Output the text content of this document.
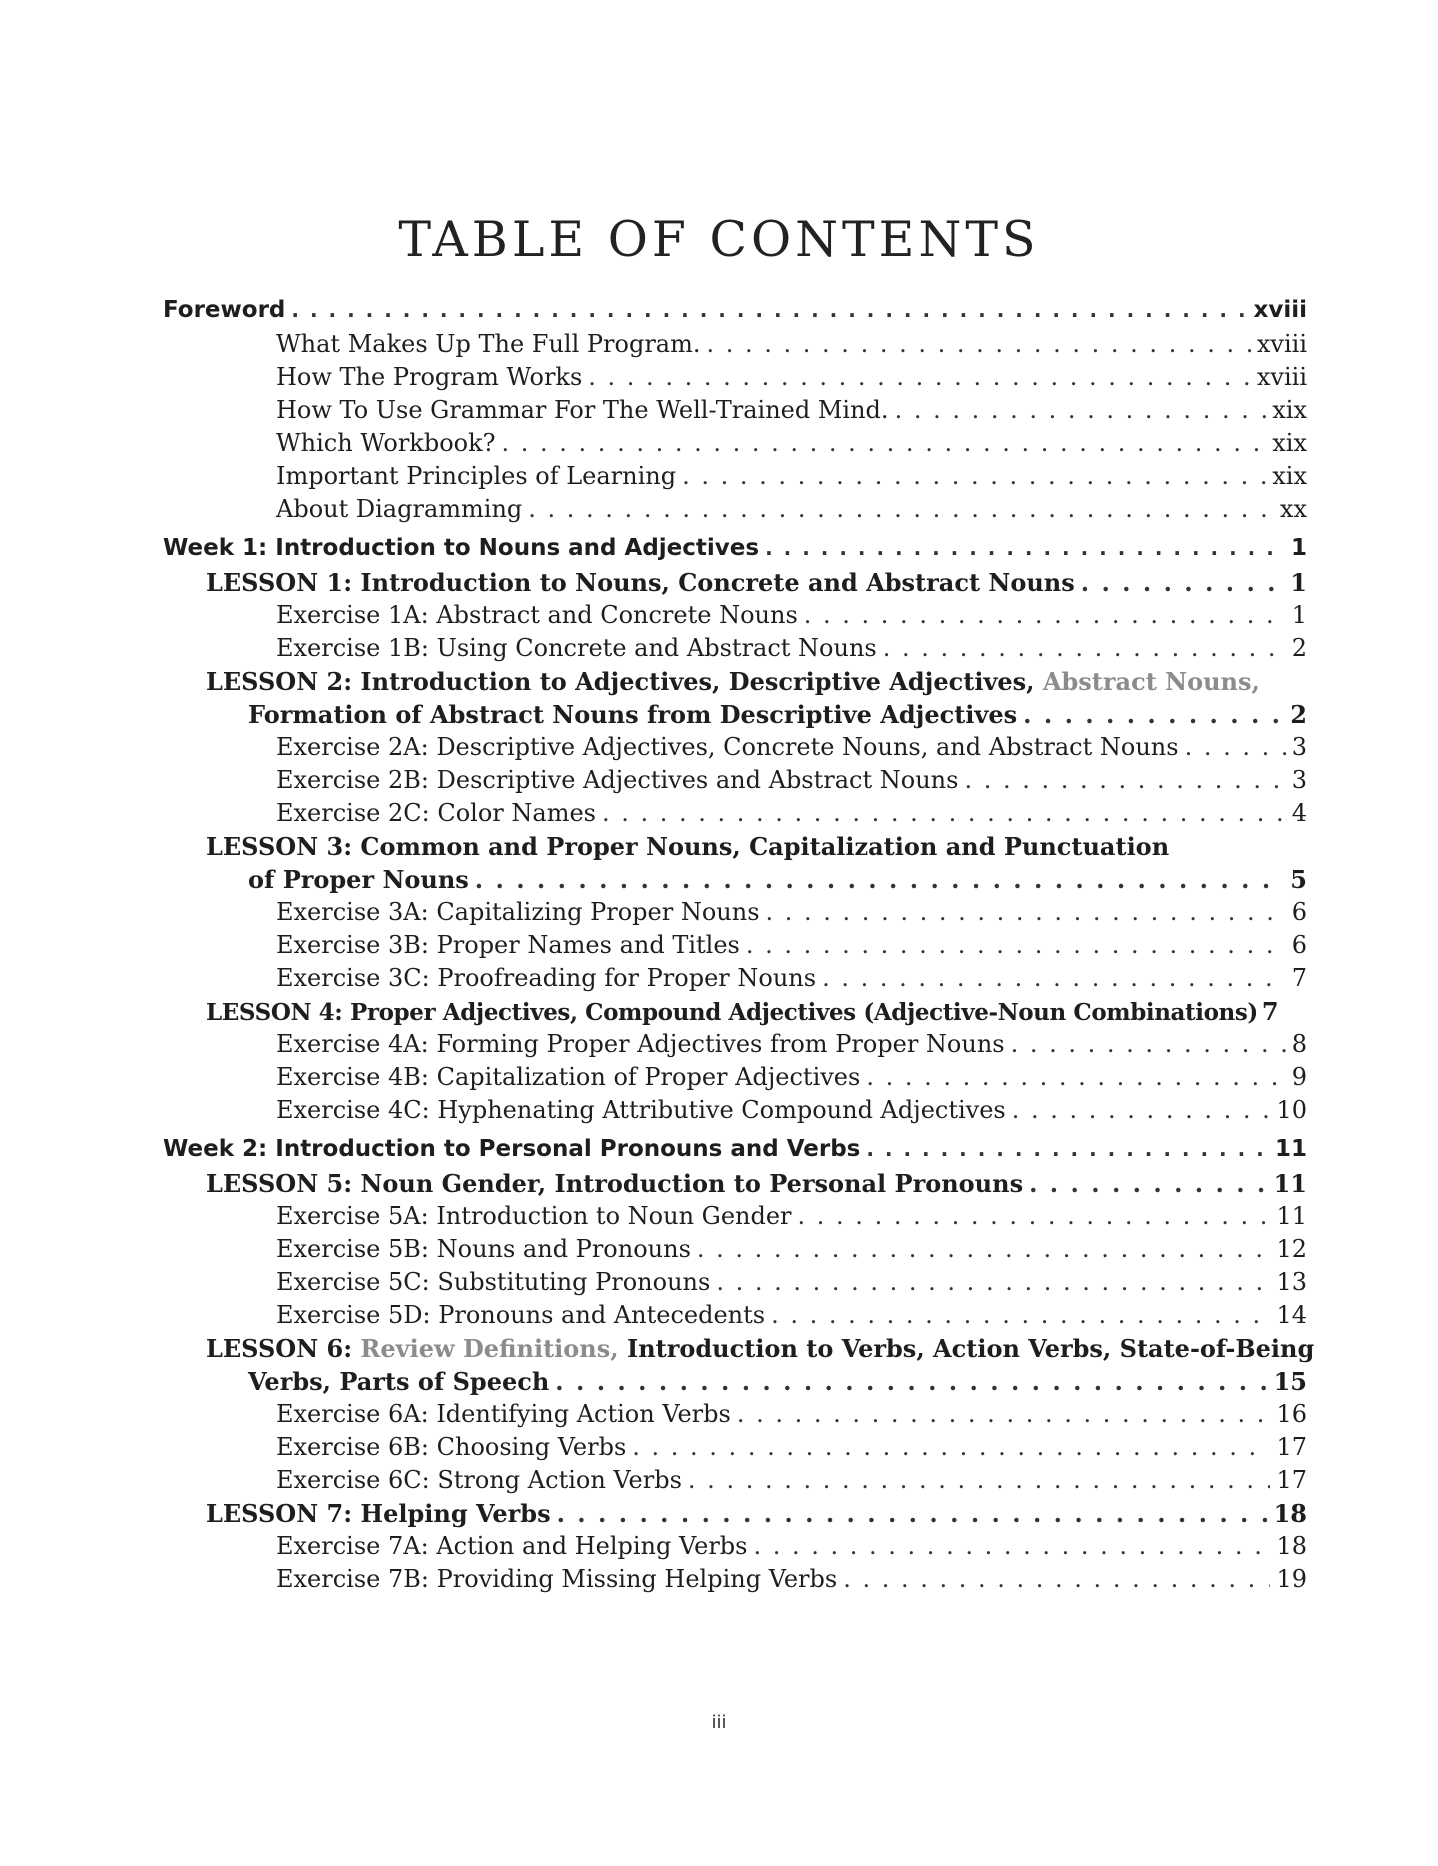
TABLE OF CONTENTS
Foreword . . .	xviii
What Makes Up The Full Program. . . .	xviii
How The Program Works . . .	xviii
How To Use Grammar For The Well-Trained Mind. . . .	xix
Which Workbook? . . .	xix
Important Principles of Learning . . .	xix
About Diagramming . . .	xx
Week 1: Introduction to Nouns and Adjectives . . .	1
LESSON 1: Introduction to Nouns, Concrete and Abstract Nouns . . .	1
Exercise 1A: Abstract and Concrete Nouns . . .	1
Exercise 1B: Using Concrete and Abstract Nouns . . .	2
LESSON 2: Introduction to Adjectives, Descriptive Adjectives, Abstract Nouns,
Formation of Abstract Nouns from Descriptive Adjectives . . .	2
Exercise 2A: Descriptive Adjectives, Concrete Nouns, and Abstract Nouns . . .	3
Exercise 2B: Descriptive Adjectives and Abstract Nouns . . .	3
Exercise 2C: Color Names . . .	4
LESSON 3: Common and Proper Nouns, Capitalization and Punctuation
of Proper Nouns . . .	5
Exercise 3A: Capitalizing Proper Nouns . . .	6
Exercise 3B: Proper Names and Titles . . .	6
Exercise 3C: Proofreading for Proper Nouns . . .	7
LESSON 4: Proper Adjectives, Compound Adjectives (Adjective-Noun Combinations) 7
Exercise 4A: Forming Proper Adjectives from Proper Nouns . . .	8
Exercise 4B: Capitalization of Proper Adjectives . . .	9
Exercise 4C: Hyphenating Attributive Compound Adjectives . . .	10
Week 2: Introduction to Personal Pronouns and Verbs . . .	11
LESSON 5: Noun Gender, Introduction to Personal Pronouns . . .	11
Exercise 5A: Introduction to Noun Gender . . .	11
Exercise 5B: Nouns and Pronouns . . .	12
Exercise 5C: Substituting Pronouns . . .	13
Exercise 5D: Pronouns and Antecedents . . .	14
LESSON 6: Review Definitions, Introduction to Verbs, Action Verbs, State-of-Being
Verbs, Parts of Speech . . .	15
Exercise 6A: Identifying Action Verbs . . .	16
Exercise 6B: Choosing Verbs . . .	17
Exercise 6C: Strong Action Verbs . . .	17
LESSON 7: Helping Verbs . . .	18
Exercise 7A: Action and Helping Verbs . . .	18
Exercise 7B: Providing Missing Helping Verbs . . .	19
iii
